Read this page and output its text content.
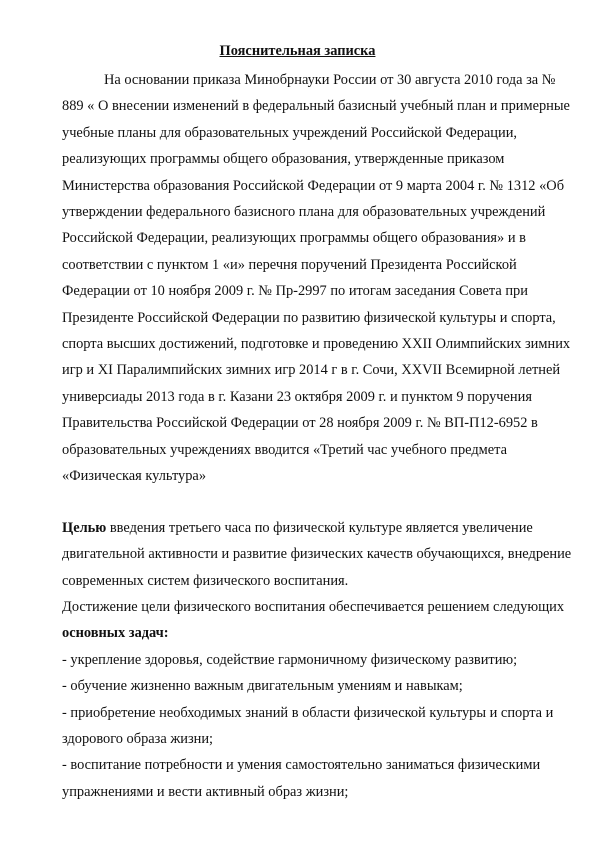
Пояснительная записка
На основании приказа Минобрнауки России от 30 августа 2010 года за №
889 « О внесении изменений в федеральный базисный учебный план и примерные
учебные планы для образовательных учреждений Российской Федерации,
реализующих программы общего образования, утвержденные приказом
Министерства образования Российской Федерации от 9 марта 2004 г. № 1312 «Об
утверждении федерального базисного плана для образовательных учреждений
Российской Федерации, реализующих программы общего образования» и в
соответствии с пунктом 1 «и» перечня поручений Президента Российской
Федерации от 10 ноября 2009 г. № Пр-2997 по итогам заседания Совета при
Президенте Российской Федерации по развитию физической культуры и спорта,
спорта высших достижений, подготовке и проведению XXII Олимпийских зимних
игр и XI Паралимпийских зимних игр 2014 г в г. Сочи, XXVII Всемирной летней
универсиады 2013 года в г. Казани 23 октября 2009 г. и пунктом 9 поручения
Правительства Российской Федерации от 28 ноября 2009 г. № ВП-П12-6952 в
образовательных учреждениях вводится «Третий час учебного предмета
«Физическая культура»
Целью введения третьего часа по физической культуре является увеличение
двигательной активности и развитие физических качеств обучающихся, внедрение
современных систем физического воспитания.
Достижение цели физического воспитания обеспечивается решением следующих
основных задач:
- укрепление здоровья, содействие гармоничному физическому развитию;
- обучение жизненно важным двигательным умениям и навыкам;
- приобретение необходимых знаний в области физической культуры и спорта и
здорового образа жизни;
- воспитание потребности и умения самостоятельно заниматься физическими
упражнениями и вести активный образ жизни;
